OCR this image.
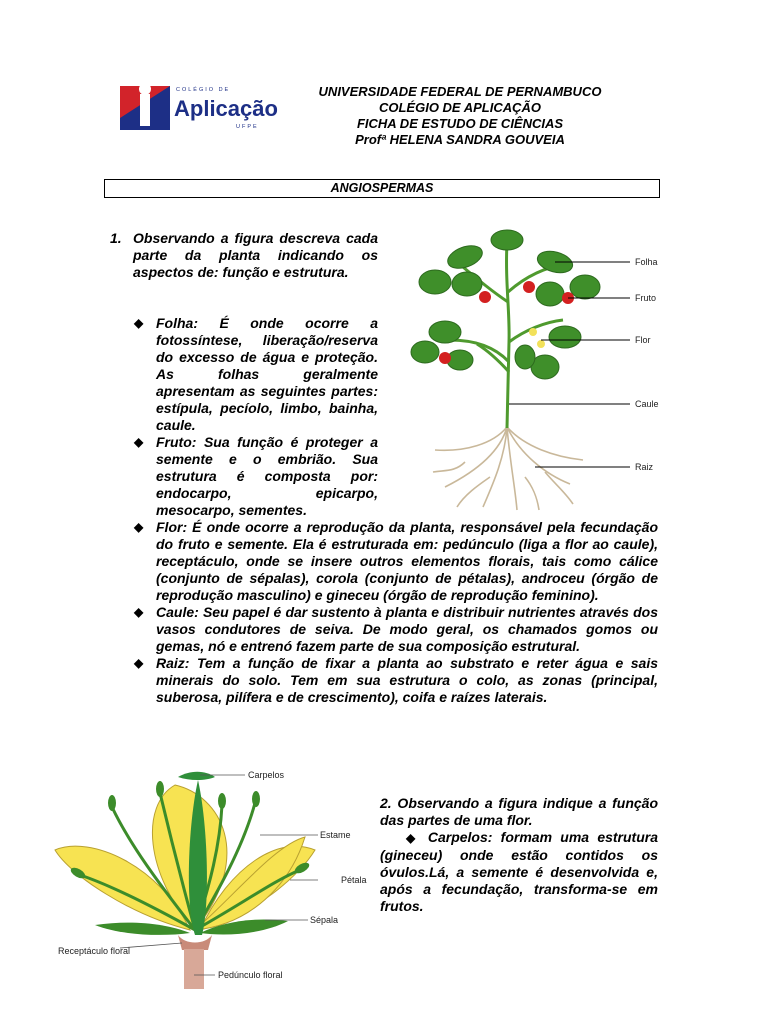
COLÉGIO DE
Aplicação
UFPE
UNIVERSIDADE FEDERAL DE PERNAMBUCO
COLÉGIO DE APLICAÇÃO
FICHA DE ESTUDO DE CIÊNCIAS
Profª HELENA SANDRA GOUVEIA
ANGIOSPERMAS
1. Observando a figura descreva cada parte da planta indicando os aspectos de: função e estrutura.
◆ Folha: É onde ocorre a fotossíntese, liberação/reserva do excesso de água e proteção. As folhas geralmente apresentam as seguintes partes: estípula, pecíolo, limbo, bainha, caule.
◆ Fruto: Sua função é proteger a semente e o embrião. Sua estrutura é composta por: endocarpo, epicarpo, mesocarpo, sementes.
◆ Flor: É onde ocorre a reprodução da planta, responsável pela fecundação do fruto e semente. Ela é estruturada em: pedúnculo (liga a flor ao caule), receptáculo, onde se insere outros elementos florais, tais como cálice (conjunto de sépalas), corola (conjunto de pétalas), androceu (órgão de reprodução masculino) e gineceu (órgão de reprodução feminino).
◆ Caule: Seu papel é dar sustento à planta e distribuir nutrientes através dos vasos condutores de seiva. De modo geral, os chamados gomos ou gemas, nó e entrenó fazem parte de sua composição estrutural.
◆ Raiz: Tem a função de fixar a planta ao substrato e reter água e sais minerais do solo. Tem em sua estrutura o colo, as zonas (principal, suberosa, pilífera e de crescimento), coifa e raízes laterais.
Folha
Fruto
Flor
Caule
Raiz
Carpelos
Estame
Pétala
Sépala
Receptáculo floral
Pedúnculo floral
2. Observando a figura indique a função das partes de uma flor.
◆ Carpelos: formam uma estrutura (gineceu) onde estão contidos os óvulos.Lá, a semente é desenvolvida e, após a fecundação, transforma-se em frutos.
